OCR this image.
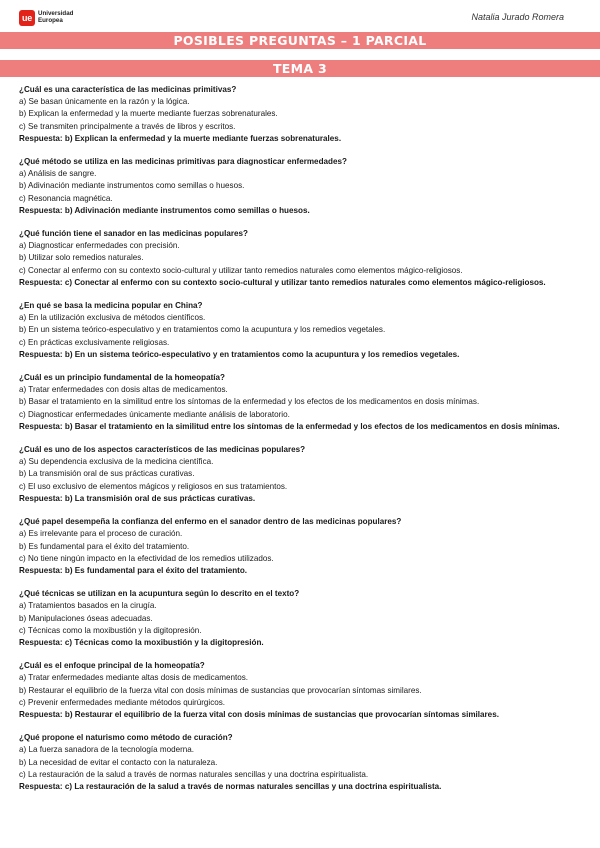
ue Universidad
Europea	Natalia Jurado Romera
POSIBLES PREGUNTAS – 1 PARCIAL
TEMA 3
¿Cuál es una característica de las medicinas primitivas?
a) Se basan únicamente en la razón y la lógica.
b) Explican la enfermedad y la muerte mediante fuerzas sobrenaturales.
c) Se transmiten principalmente a través de libros y escritos.
Respuesta: b) Explican la enfermedad y la muerte mediante fuerzas sobrenaturales.
¿Qué método se utiliza en las medicinas primitivas para diagnosticar enfermedades?
a) Análisis de sangre.
b) Adivinación mediante instrumentos como semillas o huesos.
c) Resonancia magnética.
Respuesta: b) Adivinación mediante instrumentos como semillas o huesos.
¿Qué función tiene el sanador en las medicinas populares?
a) Diagnosticar enfermedades con precisión.
b) Utilizar solo remedios naturales.
c) Conectar al enfermo con su contexto socio-cultural y utilizar tanto remedios naturales como elementos mágico-religiosos.
Respuesta: c) Conectar al enfermo con su contexto socio-cultural y utilizar tanto remedios naturales como elementos mágico-religiosos.
¿En qué se basa la medicina popular en China?
a) En la utilización exclusiva de métodos científicos.
b) En un sistema teórico-especulativo y en tratamientos como la acupuntura y los remedios vegetales.
c) En prácticas exclusivamente religiosas.
Respuesta: b) En un sistema teórico-especulativo y en tratamientos como la acupuntura y los remedios vegetales.
¿Cuál es un principio fundamental de la homeopatía?
a) Tratar enfermedades con dosis altas de medicamentos.
b) Basar el tratamiento en la similitud entre los síntomas de la enfermedad y los efectos de los medicamentos en dosis mínimas.
c) Diagnosticar enfermedades únicamente mediante análisis de laboratorio.
Respuesta: b) Basar el tratamiento en la similitud entre los síntomas de la enfermedad y los efectos de los medicamentos en dosis mínimas.
¿Cuál es uno de los aspectos característicos de las medicinas populares?
a) Su dependencia exclusiva de la medicina científica.
b) La transmisión oral de sus prácticas curativas.
c) El uso exclusivo de elementos mágicos y religiosos en sus tratamientos.
Respuesta: b) La transmisión oral de sus prácticas curativas.
¿Qué papel desempeña la confianza del enfermo en el sanador dentro de las medicinas populares?
a) Es irrelevante para el proceso de curación.
b) Es fundamental para el éxito del tratamiento.
c) No tiene ningún impacto en la efectividad de los remedios utilizados.
Respuesta: b) Es fundamental para el éxito del tratamiento.
¿Qué técnicas se utilizan en la acupuntura según lo descrito en el texto?
a) Tratamientos basados en la cirugía.
b) Manipulaciones óseas adecuadas.
c) Técnicas como la moxibustión y la digitopresión.
Respuesta: c) Técnicas como la moxibustión y la digitopresión.
¿Cuál es el enfoque principal de la homeopatía?
a) Tratar enfermedades mediante altas dosis de medicamentos.
b) Restaurar el equilibrio de la fuerza vital con dosis mínimas de sustancias que provocarían síntomas similares.
c) Prevenir enfermedades mediante métodos quirúrgicos.
Respuesta: b) Restaurar el equilibrio de la fuerza vital con dosis mínimas de sustancias que provocarían síntomas similares.
¿Qué propone el naturismo como método de curación?
a) La fuerza sanadora de la tecnología moderna.
b) La necesidad de evitar el contacto con la naturaleza.
c) La restauración de la salud a través de normas naturales sencillas y una doctrina espiritualista.
Respuesta: c) La restauración de la salud a través de normas naturales sencillas y una doctrina espiritualista.
